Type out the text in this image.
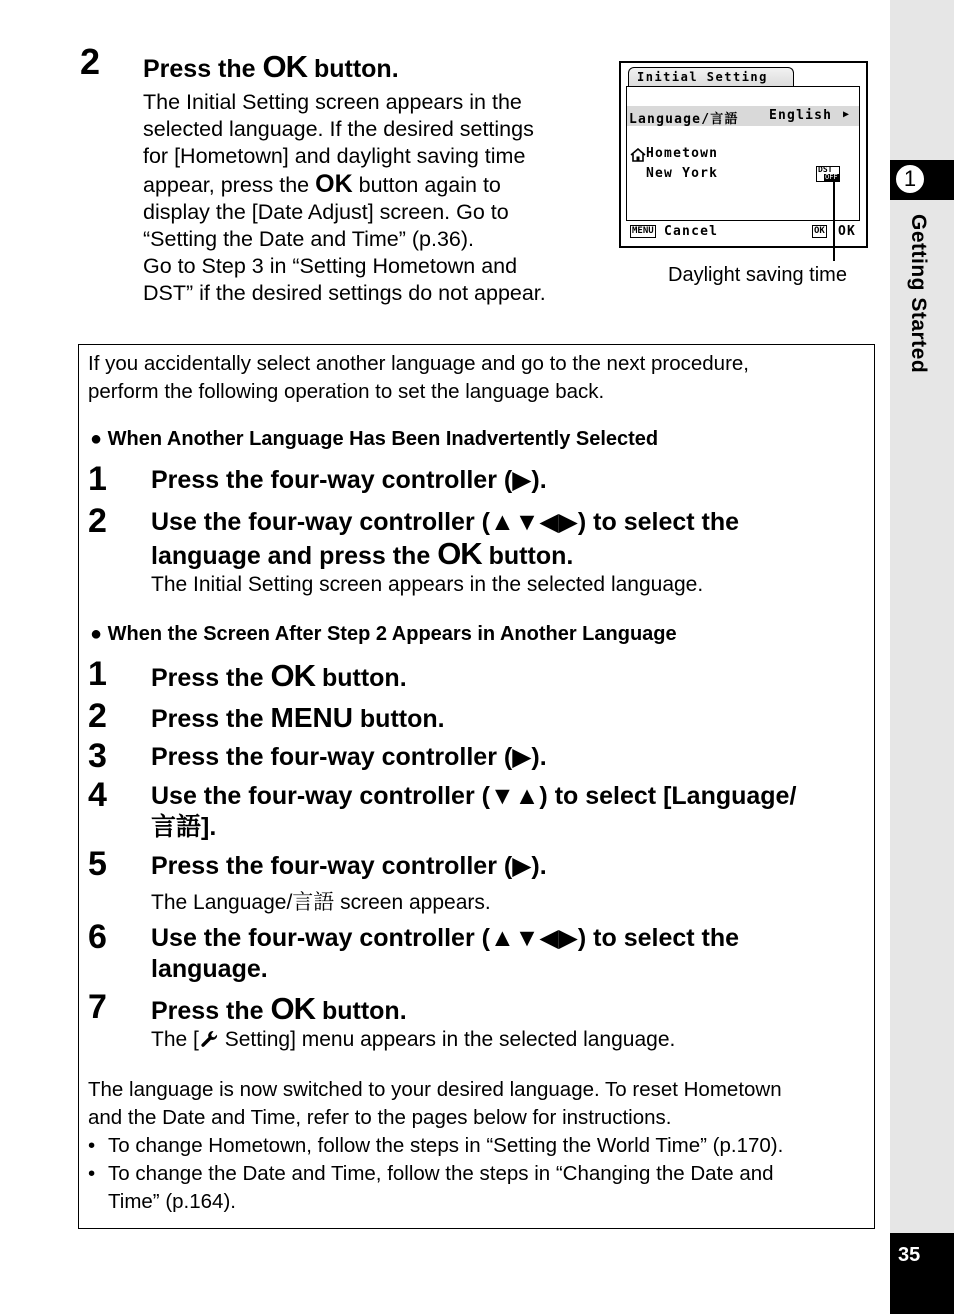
1
Getting Started
35
2 Press the OK button.
The Initial Setting screen appears in the
selected language. If the desired settings
for [Hometown] and daylight saving time
appear, press the OK button again to
display the [Date Adjust] screen. Go to
“Setting the Date and Time” (p.36).
Go to Step 3 in “Setting Hometown and
DST” if the desired settings do not appear.
Initial Setting
Language/言語 English ▶
Hometown
New York	DST
OFF
MENU Cancel	OK OK
Daylight saving time
If you accidentally select another language and go to the next procedure,
perform the following operation to set the language back.
● When Another Language Has Been Inadvertently Selected
1 Press the four-way controller (▶).
2 Use the four-way controller (▲▼◀▶) to select the
language and press the OK button.
The Initial Setting screen appears in the selected language.
● When the Screen After Step 2 Appears in Another Language
1 Press the OK button.
2 Press the MENU button.
3 Press the four-way controller (▶).
4 Use the four-way controller (▼▲) to select [Language/
言語].
5 Press the four-way controller (▶).
The Language/言語 screen appears.
6 Use the four-way controller (▲▼◀▶) to select the
language.
7 Press the OK button.
The [ Setting] menu appears in the selected language.
The language is now switched to your desired language. To reset Hometown
and the Date and Time, refer to the pages below for instructions.
• To change Hometown, follow the steps in “Setting the World Time” (p.170).
• To change the Date and Time, follow the steps in “Changing the Date and
Time” (p.164).
